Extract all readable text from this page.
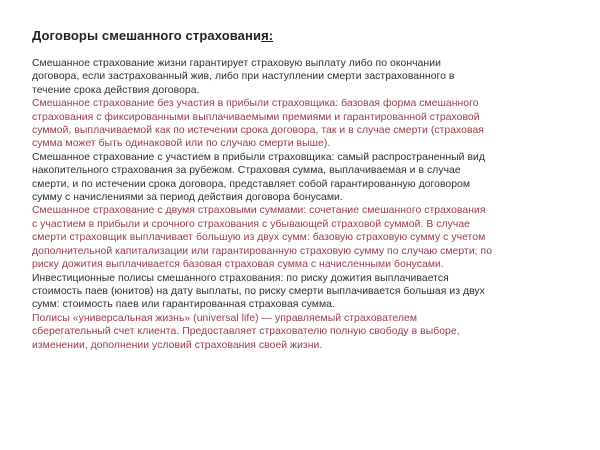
Договоры смешанного страхования:
Смешанное страхование жизни гарантирует страховую выплату либо по окончании
договора, если застрахованный жив, либо при наступлении смерти застрахованного в
течение срока действия договора.
Смешанное страхование без участия в прибыли страховщика: базовая форма смешанного
страхования с фиксированными выплачиваемыми премиями и гарантированной страховой
суммой, выплачиваемой как по истечении срока договора, так и в случае смерти (страховая
сумма может быть одинаковой или по случаю смерти выше).
Смешанное страхование с участием в прибыли страховщика: самый распространенный вид
накопительного страхования за рубежом. Страховая сумма, выплачиваемая и в случае
смерти, и по истечении срока договора, представляет собой гарантированную договором
сумму с начислениями за период действия договора бонусами.
Смешанное страхование с двумя страховыми суммами: сочетание смешанного страхования
с участием в прибыли и срочного страхования с убывающей страховой суммой. В случае
смерти страховщик выплачивает большую из двух сумм: базовую страховую сумму с учетом
дополнительной капитализации или гарантированную страховую сумму по случаю смерти; по
риску дожития выплачивается базовая страховая сумма с начисленными бонусами.
Инвестиционные полисы смешанного страхования: по риску дожития выплачивается
стоимость паев (юнитов) на дату выплаты, по риску смерти выплачивается большая из двух
сумм: стоимость паев или гарантированная страховая сумма.
Полисы «универсальная жизнь» (universal life) — управляемый страхователем
сберегательный счет клиента. Предоставляет страхователю полную свободу в выборе,
изменении, дополнении условий страхования своей жизни.
